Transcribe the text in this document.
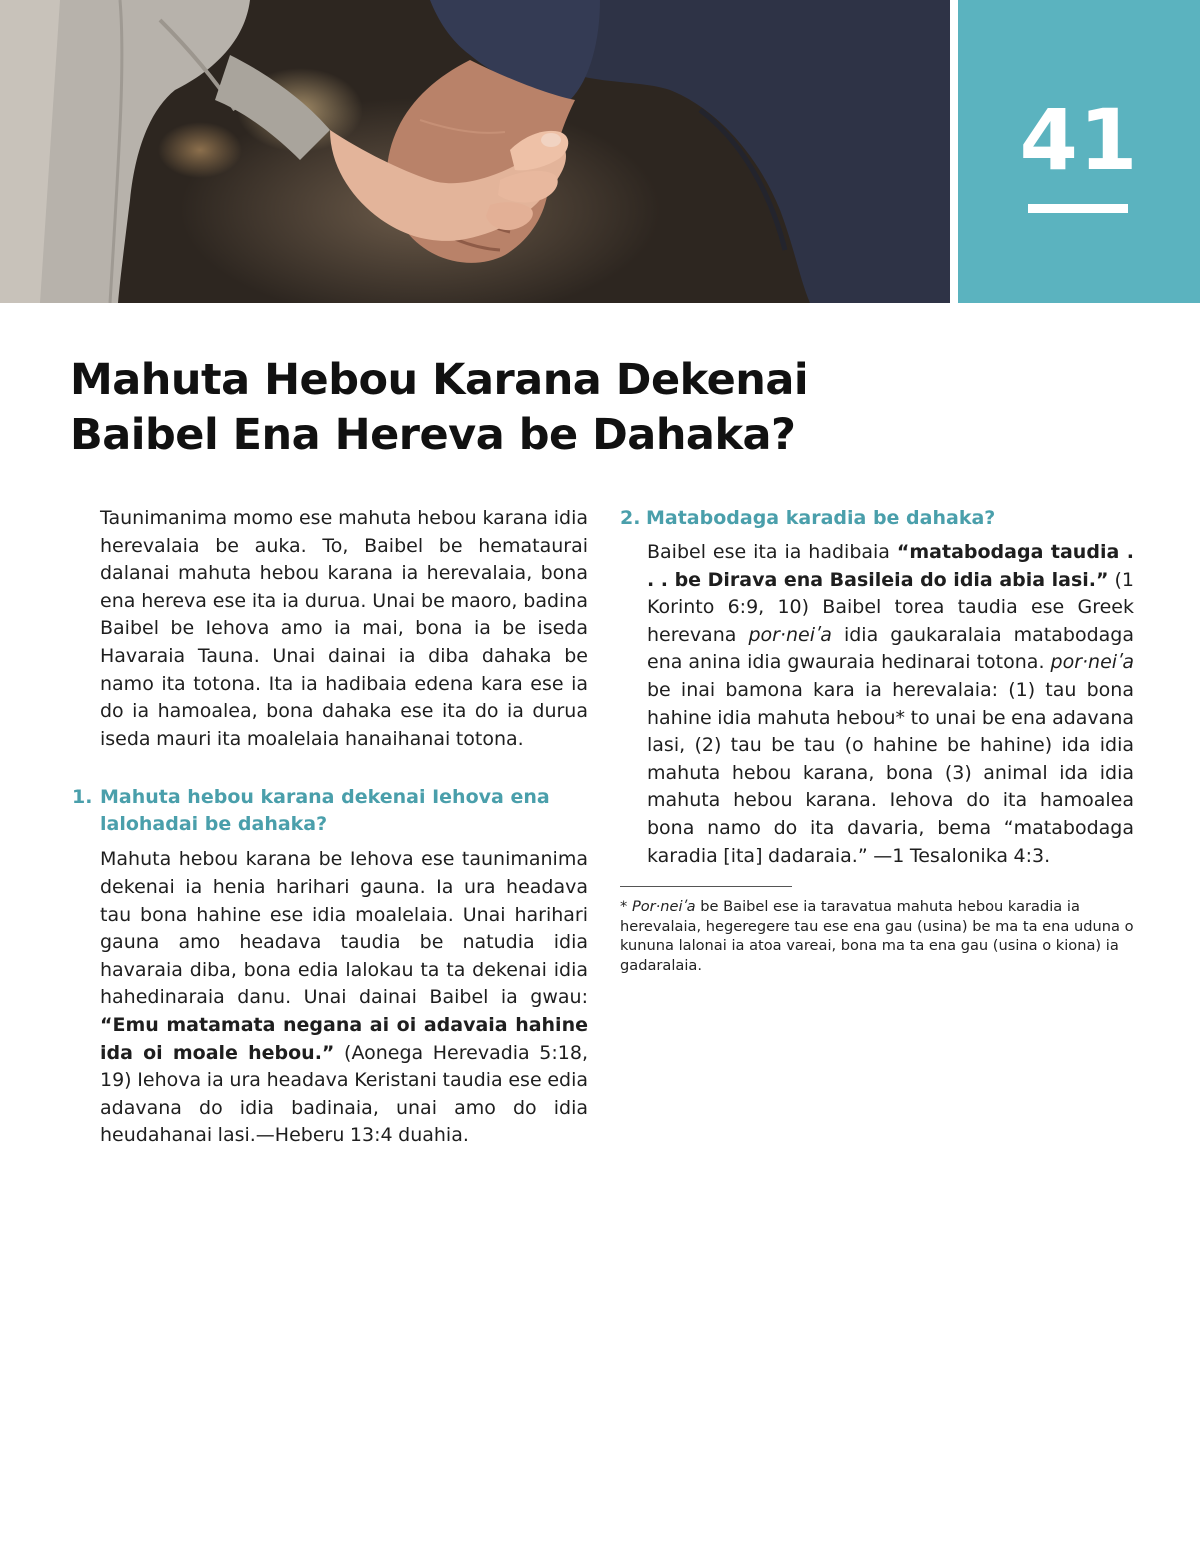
41
Mahuta Hebou Karana Dekenai
Baibel Ena Hereva be Dahaka?

Taunimanima momo ese mahuta hebou karana idia herevalaia be auka. To, Baibel be hemataurai dalanai mahuta hebou karana ia herevalaia, bona ena hereva ese ita ia durua. Unai be maoro, badina Baibel be Iehova amo ia mai, bona ia be iseda Havaraia Tauna. Unai dainai ia diba dahaka be namo ita totona. Ita ia hadibaia edena kara ese ia do ia hamoalea, bona dahaka ese ita do ia durua iseda mauri ita moalelaia hanaihanai totona.

1. Mahuta hebou karana dekenai Iehova ena lalohadai be dahaka?

Mahuta hebou karana be Iehova ese taunimanima dekenai ia henia harihari gauna. Ia ura headava tau bona hahine ese idia moalelaia. Unai harihari gauna amo headava taudia be natudia idia havaraia diba, bona edia lalokau ta ta dekenai idia hahedinaraia danu. Unai dainai Baibel ia gwau: “Emu matamata negana ai oi adavaia hahine ida oi moale hebou.” (Aonega Herevadia 5:18, 19) Iehova ia ura headava Keristani taudia ese edia adavana do idia badinaia, unai amo do idia heudahanai lasi.—Heberu 13:4 duahia.

2. Matabodaga karadia be dahaka?

Baibel ese ita ia hadibaia “matabodaga taudia . . . be Dirava ena Basileia do idia abia lasi.” (1 Korinto 6:9, 10) Baibel torea taudia ese Greek herevana por·neiʹa idia gaukaralaia matabodaga ena anina idia gwauraia hedinarai totona. por·neiʹa be inai bamona kara ia herevalaia: (1) tau bona hahine idia mahuta hebou* to unai be ena adavana lasi, (2) tau be tau (o hahine be hahine) ida idia mahuta hebou karana, bona (3) animal ida idia mahuta hebou karana. Iehova do ita hamoalea bona namo do ita davaria, bema “matabodaga karadia [ita] dadaraia.” —1 Tesalonika 4:3.

* Por·neiʹa be Baibel ese ia taravatua mahuta hebou karadia ia herevalaia, hegeregere tau ese ena gau (usina) be ma ta ena uduna o kununa lalonai ia atoa vareai, bona ma ta ena gau (usina o kiona) ia gadaralaia.
